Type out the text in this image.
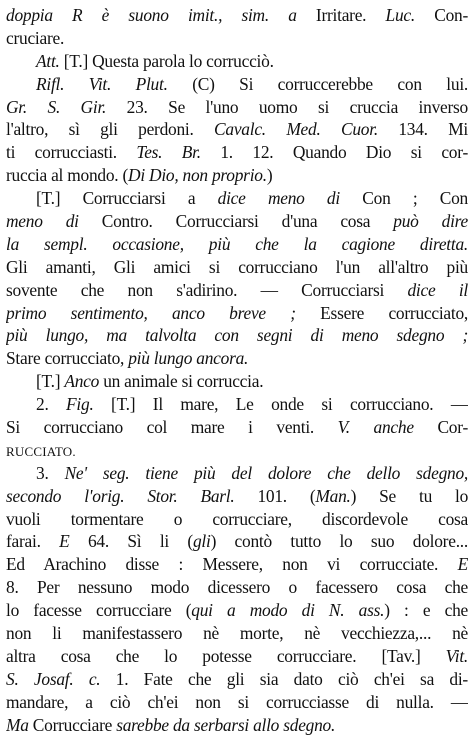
doppia R è suono imit., sim. a Irritare. Luc. Con-
cruciare.
Att. [T.] Questa parola lo corrucciò.
Rifl. Vit. Plut. (C) Si corruccerebbe con lui.
Gr. S. Gir. 23. Se l'uno uomo si cruccia inverso
l'altro, sì gli perdoni. Cavalc. Med. Cuor. 134. Mi
ti corrucciasti. Tes. Br. 1. 12. Quando Dio si cor-
ruccia al mondo. (Di Dio, non proprio.)
[T.] Corrucciarsi a dice meno di Con ; Con
meno di Contro. Corrucciarsi d'una cosa può dire
la sempl. occasione, più che la cagione diretta.
Gli amanti, Gli amici si corrucciano l'un all'altro più
sovente che non s'adirino. — Corrucciarsi dice il
primo sentimento, anco breve ; Essere corrucciato,
più lungo, ma talvolta con segni di meno sdegno ;
Stare corrucciato, più lungo ancora.
[T.] Anco un animale si corruccia.
2. Fig. [T.] Il mare, Le onde si corrucciano. —
Si corrucciano col mare i venti. V. anche Cor-
RUCCIATO.
3. Ne' seg. tiene più del dolore che dello sdegno,
secondo l'orig. Stor. Barl. 101. (Man.) Se tu lo
vuoli tormentare o corrucciare, discordevole cosa
farai. E 64. Sì li (gli) contò tutto lo suo dolore...
Ed Arachino disse : Messere, non vi corrucciate. E
8. Per nessuno modo dicessero o facessero cosa che
lo facesse corrucciare (qui a modo di N. ass.) : e che
non li manifestassero nè morte, nè vecchiezza,... nè
altra cosa che lo potesse corrucciare. [Tav.] Vit.
S. Josaf. c. 1. Fate che gli sia dato ciò ch'ei sa di-
mandare, a ciò ch'ei non si corrucciasse di nulla. —
Ma Corrucciare sarebbe da serbarsi allo sdegno.
